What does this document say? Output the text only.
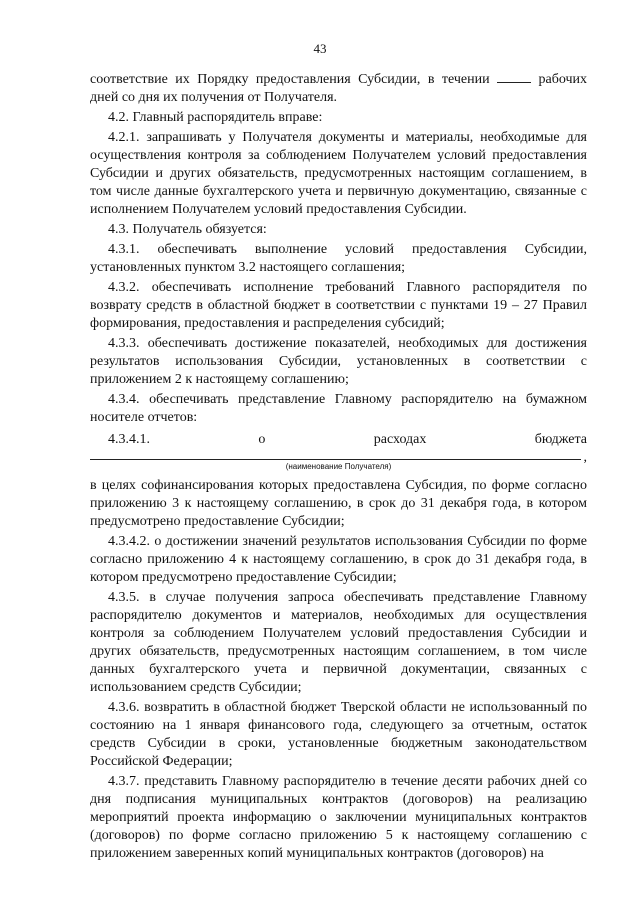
43

соответствие их Порядку предоставления Субсидии, в течении	рабочих дней со дня их получения от Получателя.

4.2. Главный распорядитель вправе:

4.2.1. запрашивать у Получателя документы и материалы, необходимые для осуществления контроля за соблюдением Получателем условий предоставления Субсидии и других обязательств, предусмотренных настоящим соглашением, в том числе данные бухгалтерского учета и первичную документацию, связанные с исполнением Получателем условий предоставления Субсидии.

4.3. Получатель обязуется:

4.3.1. обеспечивать выполнение условий предоставления Субсидии, установленных пунктом 3.2 настоящего соглашения;

4.3.2. обеспечивать исполнение требований Главного распорядителя по возврату средств в областной бюджет в соответствии с пунктами 19 – 27 Правил формирования, предоставления и распределения субсидий;

4.3.3. обеспечивать достижение показателей, необходимых для достижения результатов использования Субсидии, установленных в соответствии с приложением 2 к настоящему соглашению;

4.3.4. обеспечивать представление Главному распорядителю на бумажном носителе отчетов:

4.3.4.1.	о	расходах	бюджета
,
(наименование Получателя)

в целях софинансирования которых предоставлена Субсидия, по форме согласно приложению 3 к настоящему соглашению, в срок до 31 декабря года, в котором предусмотрено предоставление Субсидии;

4.3.4.2. о достижении значений результатов использования Субсидии по форме согласно приложению 4 к настоящему соглашению, в срок до 31 декабря года, в котором предусмотрено предоставление Субсидии;

4.3.5. в случае получения запроса обеспечивать представление Главному распорядителю документов и материалов, необходимых для осуществления контроля за соблюдением Получателем условий предоставления Субсидии и других обязательств, предусмотренных настоящим соглашением, в том числе данных бухгалтерского учета и первичной документации, связанных с использованием средств Субсидии;

4.3.6. возвратить в областной бюджет Тверской области не использованный по состоянию на 1 января финансового года, следующего за отчетным, остаток средств Субсидии в сроки, установленные бюджетным законодательством Российской Федерации;

4.3.7. представить Главному распорядителю в течение десяти рабочих дней со дня подписания муниципальных контрактов (договоров) на реализацию мероприятий проекта информацию о заключении муниципальных контрактов (договоров) по форме согласно приложению 5 к настоящему соглашению с приложением заверенных копий муниципальных контрактов (договоров) на
